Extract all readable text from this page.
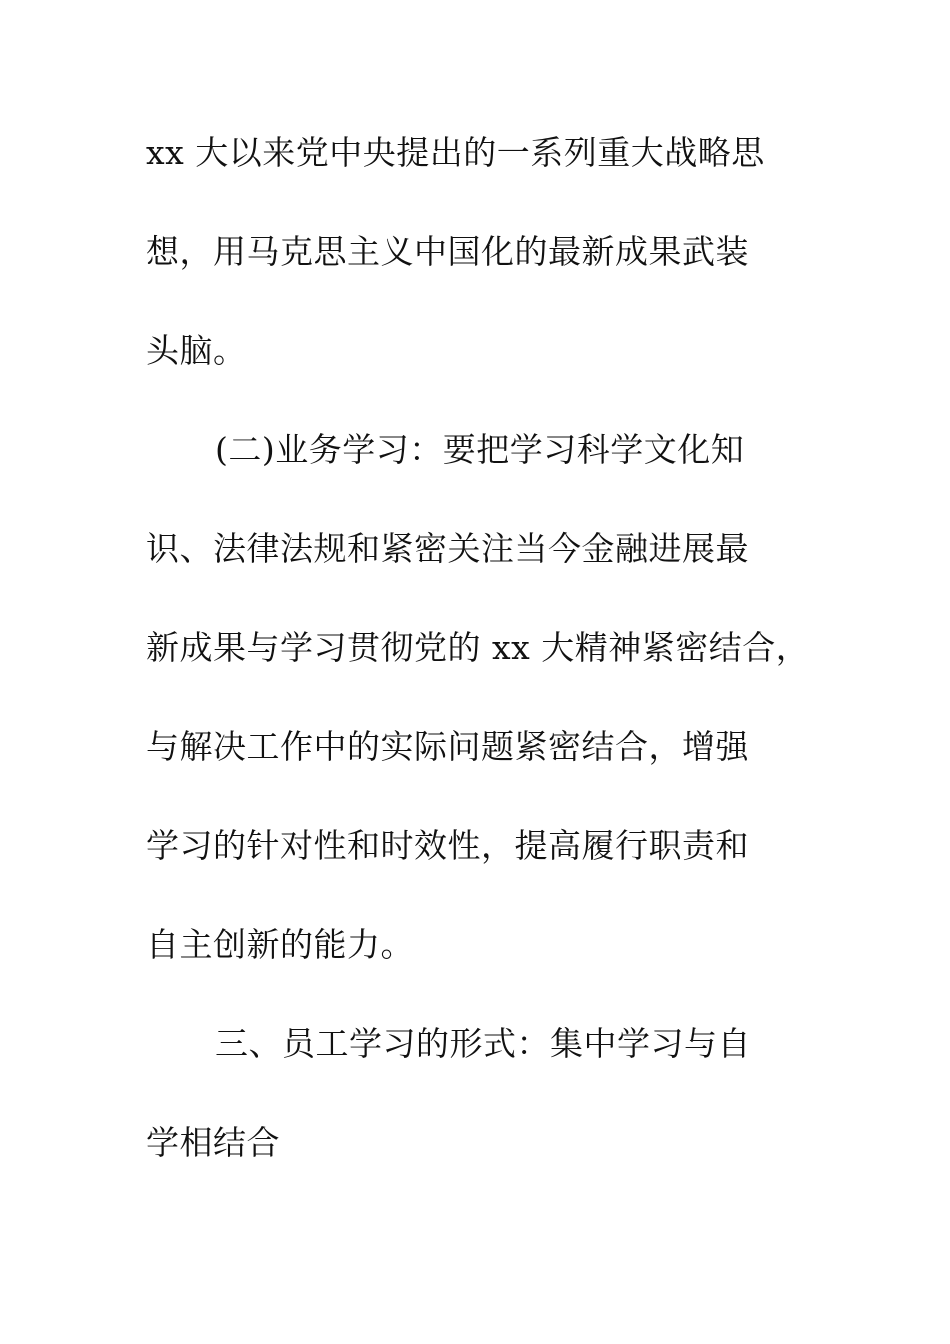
xx 大以来党中央提出的一系列重大战略思
想，用马克思主义中国化的最新成果武装
头脑。
(二)业务学习：要把学习科学文化知
识、法律法规和紧密关注当今金融进展最
新成果与学习贯彻党的 xx 大精神紧密结合，
与解决工作中的实际问题紧密结合，增强
学习的针对性和时效性，提高履行职责和
自主创新的能力。
三、员工学习的形式：集中学习与自
学相结合
